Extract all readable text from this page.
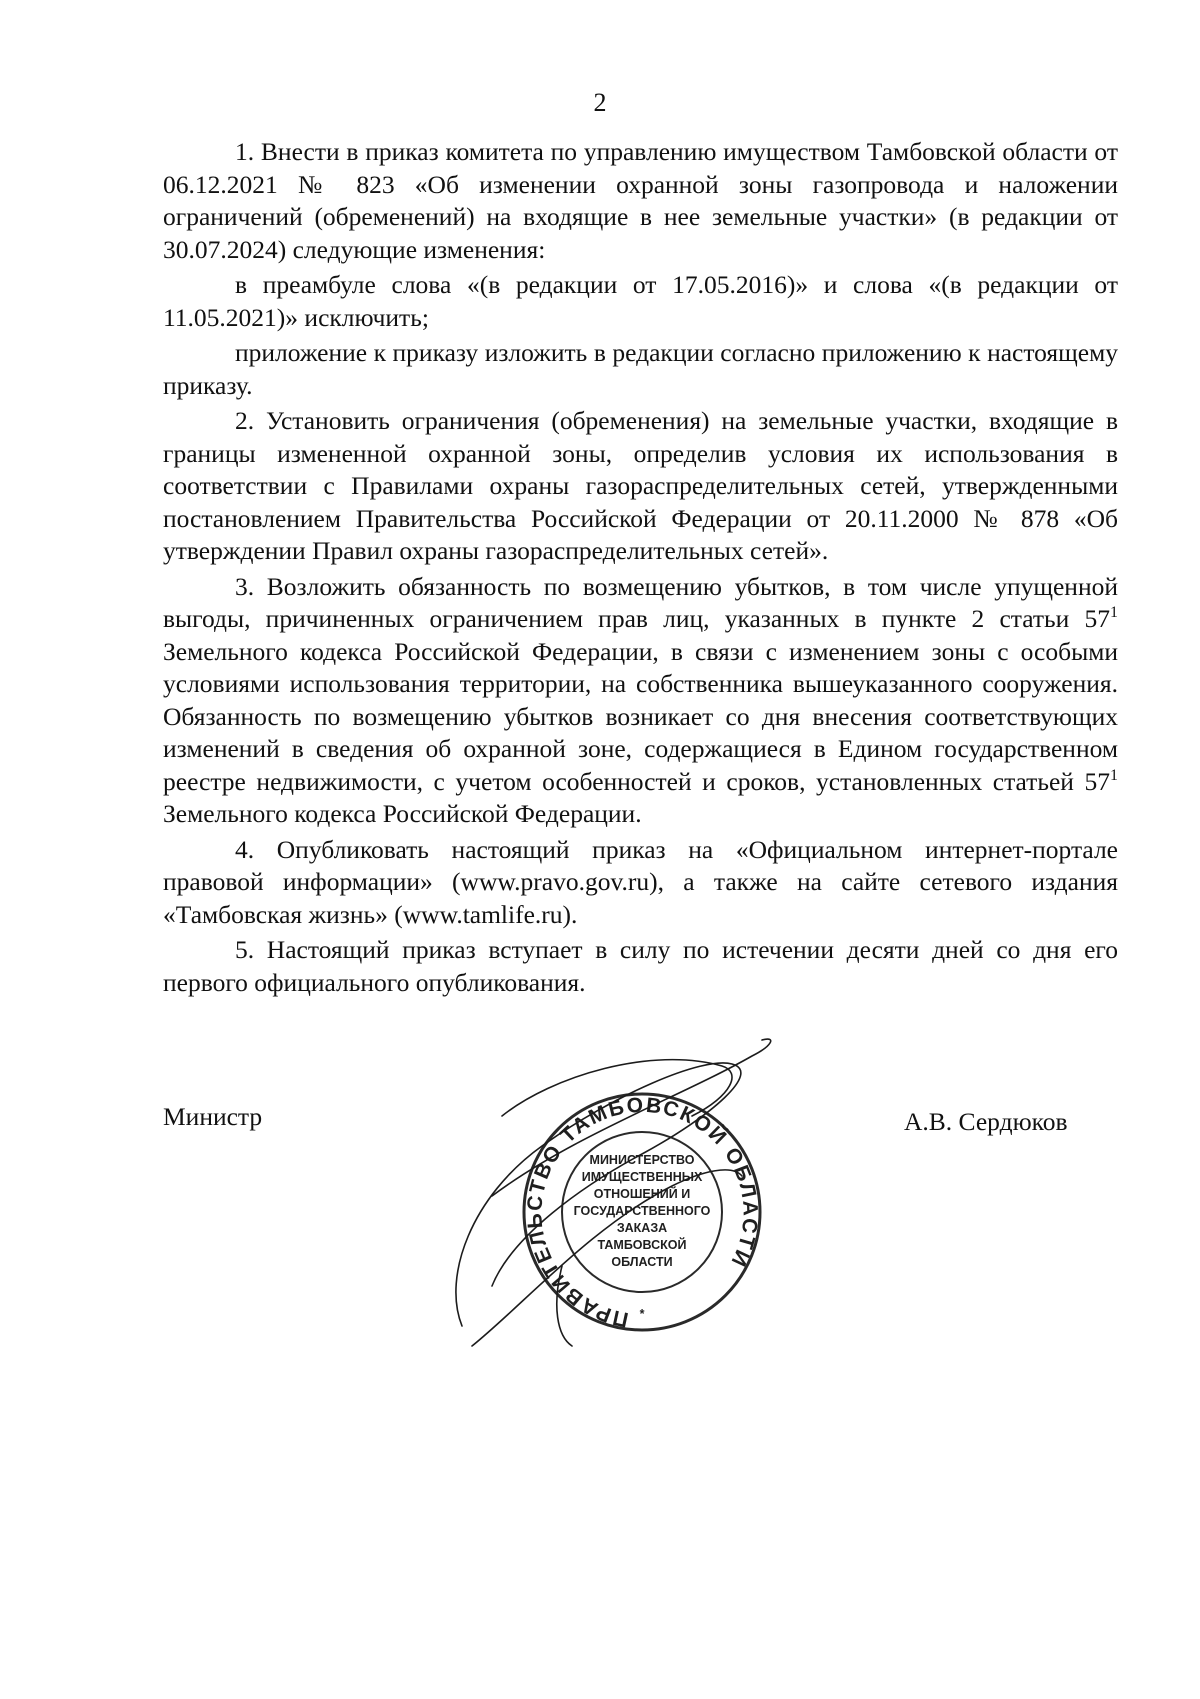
2

1. Внести в приказ комитета по управлению имуществом Тамбовской области от 06.12.2021 № 823 «Об изменении охранной зоны газопровода и наложении ограничений (обременений) на входящие в нее земельные участки» (в редакции от 30.07.2024) следующие изменения:

в преамбуле слова «(в редакции от 17.05.2016)» и слова «(в редакции от 11.05.2021)» исключить;

приложение к приказу изложить в редакции согласно приложению к настоящему приказу.

2. Установить ограничения (обременения) на земельные участки, входящие в границы измененной охранной зоны, определив условия их использования в соответствии с Правилами охраны газораспределительных сетей, утвержденными постановлением Правительства Российской Федерации от 20.11.2000 № 878 «Об утверждении Правил охраны газораспределительных сетей».

3. Возложить обязанность по возмещению убытков, в том числе упущенной выгоды, причиненных ограничением прав лиц, указанных в пункте 2 статьи $57^1$ Земельного кодекса Российской Федерации, в связи с изменением зоны с особыми условиями использования территории, на собственника вышеуказанного сооружения. Обязанность по возмещению убытков возникает со дня внесения соответствующих изменений в сведения об охранной зоне, содержащиеся в Едином государственном реестре недвижимости, с учетом особенностей и сроков, установленных статьей $57^1$ Земельного кодекса Российской Федерации.

4. Опубликовать настоящий приказ на «Официальном интернет-портале правовой информации» (www.pravo.gov.ru), а также на сайте сетевого издания «Тамбовская жизнь» (www.tamlife.ru).

5. Настоящий приказ вступает в силу по истечении десяти дней со дня его первого официального опубликования.

Министр	А.В. Сердюков
ПРАВИТЕЛЬСТВО ТАМБОВСКОЙ ОБЛАСТИ
МИНИСТЕРСТВО
ИМУЩЕСТВЕННЫХ
ОТНОШЕНИЙ И
ГОСУДАРСТВЕННОГО
ЗАКАЗА
ТАМБОВСКОЙ
ОБЛАСТИ
*
